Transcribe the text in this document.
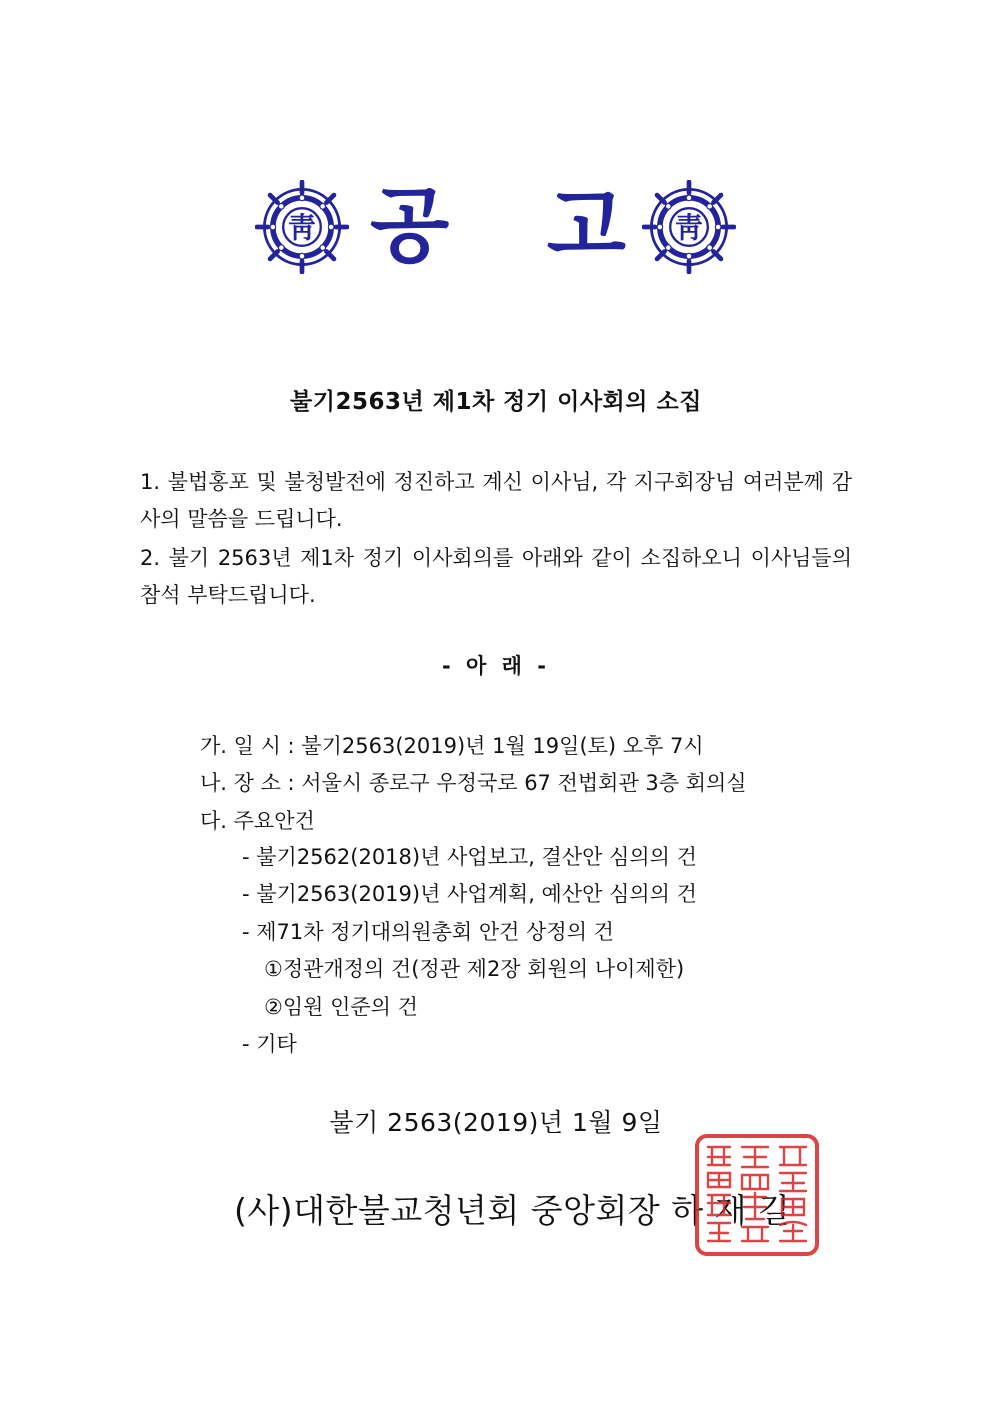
靑 공 고 靑
불기2563년 제1차 정기 이사회의 소집
1. 불법홍포 및 불청발전에 정진하고 계신 이사님, 각 지구회장님 여러분께 감사의 말씀을 드립니다.
2. 불기 2563년 제1차 정기 이사회의를 아래와 같이 소집하오니 이사님들의 참석 부탁드립니다.
- 아 래 -
가. 일 시 : 불기2563(2019)년 1월 19일(토) 오후 7시
나. 장 소 : 서울시 종로구 우정국로 67 전법회관 3층 회의실
다. 주요안건
- 불기2562(2018)년 사업보고, 결산안 심의의 건
- 불기2563(2019)년 사업계획, 예산안 심의의 건
- 제71차 정기대의원총회 안건 상정의 건
①정관개정의 건(정관 제2장 회원의 나이제한)
②임원 인준의 건
- 기타
불기 2563(2019)년 1월 9일
(사)대한불교청년회 중앙회장 하 재 길
